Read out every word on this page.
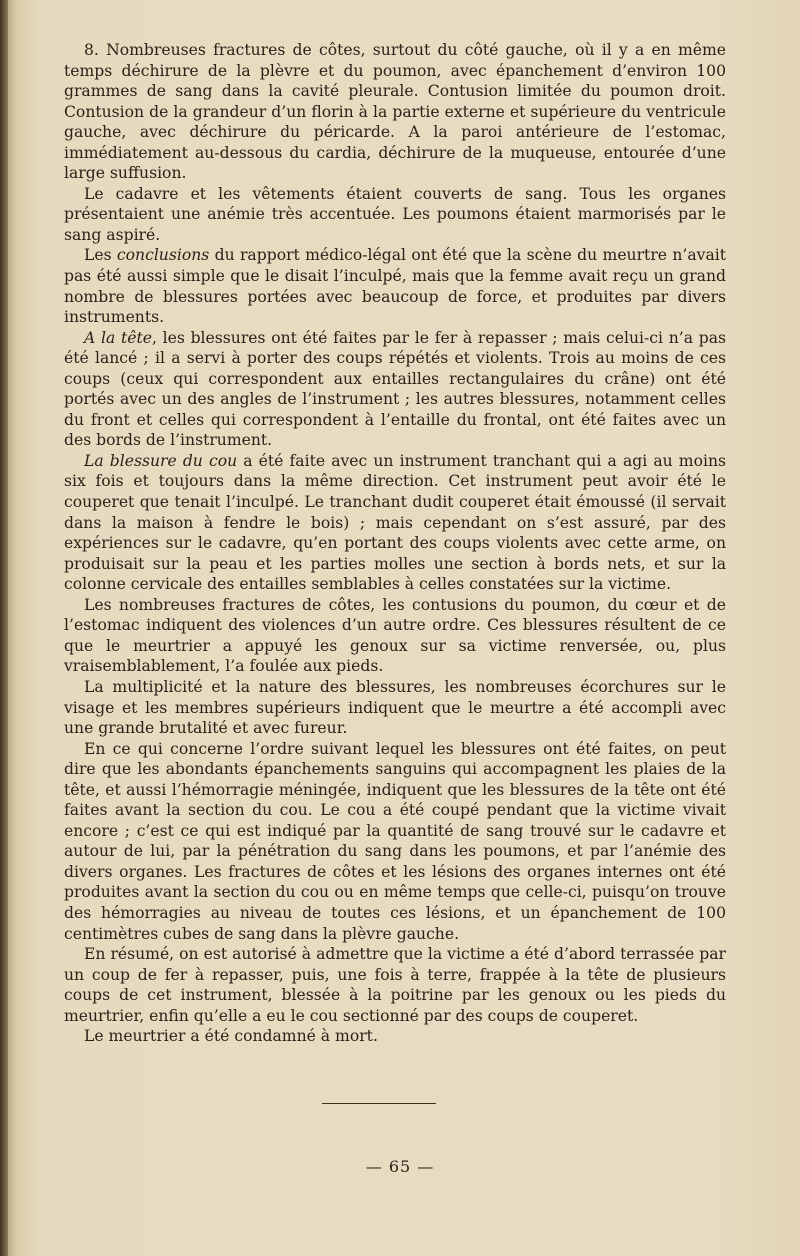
8. Nombreuses fractures de côtes, surtout du côté gauche, où il y a en même temps déchirure de la plèvre et du poumon, avec épanchement d’environ 100 grammes de sang dans la cavité pleurale. Contusion limitée du poumon droit. Contusion de la grandeur d’un florin à la partie externe et supérieure du ventricule gauche, avec déchirure du péricarde. A la paroi antérieure de l’estomac, immédiatement au-dessous du cardia, déchirure de la muqueuse, entourée d’une large suffusion.

Le cadavre et les vêtements étaient couverts de sang. Tous les organes présentaient une anémie très accentuée. Les poumons étaient marmorisés par le sang aspiré.

Les conclusions du rapport médico-légal ont été que la scène du meurtre n’avait pas été aussi simple que le disait l’inculpé, mais que la femme avait reçu un grand nombre de blessures portées avec beaucoup de force, et produites par divers instruments.

A la tête, les blessures ont été faites par le fer à repasser ; mais celui-ci n’a pas été lancé ; il a servi à porter des coups répétés et violents. Trois au moins de ces coups (ceux qui correspondent aux entailles rectangulaires du crâne) ont été portés avec un des angles de l’instrument ; les autres blessures, notamment celles du front et celles qui correspondent à l’entaille du frontal, ont été faites avec un des bords de l’instrument.

La blessure du cou a été faite avec un instrument tranchant qui a agi au moins six fois et toujours dans la même direction. Cet instrument peut avoir été le couperet que tenait l’inculpé. Le tranchant dudit couperet était émoussé (il servait dans la maison à fendre le bois) ; mais cependant on s’est assuré, par des expériences sur le cadavre, qu’en portant des coups violents avec cette arme, on produisait sur la peau et les parties molles une section à bords nets, et sur la colonne cervicale des entailles semblables à celles constatées sur la victime.

Les nombreuses fractures de côtes, les contusions du poumon, du cœur et de l’estomac indiquent des violences d’un autre ordre. Ces blessures résultent de ce que le meurtrier a appuyé les genoux sur sa victime renversée, ou, plus vraisemblablement, l’a foulée aux pieds.

La multiplicité et la nature des blessures, les nombreuses écorchures sur le visage et les membres supérieurs indiquent que le meurtre a été accompli avec une grande brutalité et avec fureur.

En ce qui concerne l’ordre suivant lequel les blessures ont été faites, on peut dire que les abondants épanchements sanguins qui accompagnent les plaies de la tête, et aussi l’hémorragie méningée, indiquent que les blessures de la tête ont été faites avant la section du cou. Le cou a été coupé pendant que la victime vivait encore ; c’est ce qui est indiqué par la quantité de sang trouvé sur le cadavre et autour de lui, par la pénétration du sang dans les poumons, et par l’anémie des divers organes. Les fractures de côtes et les lésions des organes internes ont été produites avant la section du cou ou en même temps que celle-ci, puisqu’on trouve des hémorragies au niveau de toutes ces lésions, et un épanchement de 100 centimètres cubes de sang dans la plèvre gauche.

En résumé, on est autorisé à admettre que la victime a été d’abord terrassée par un coup de fer à repasser, puis, une fois à terre, frappée à la tête de plusieurs coups de cet instrument, blessée à la poitrine par les genoux ou les pieds du meurtrier, enfin qu’elle a eu le cou sectionné par des coups de couperet.

Le meurtrier a été condamné à mort.

— 65 —
